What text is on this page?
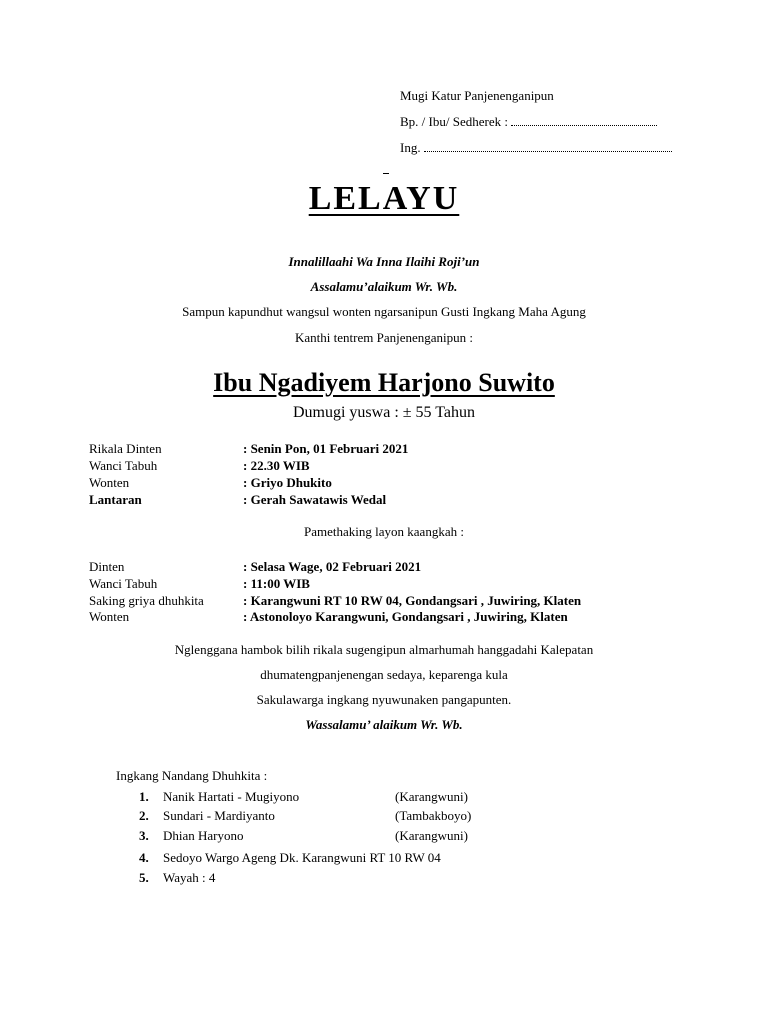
Mugi Katur Panjenenganipun
Bp. / Ibu/ Sedherek :
Ing.
LELAYU
Innalillaahi Wa Inna Ilaihi Roji’un
Assalamu’alaikum Wr. Wb.
Sampun kapundhut wangsul wonten ngarsanipun Gusti Ingkang Maha Agung
Kanthi tentrem Panjenenganipun :
Ibu Ngadiyem Harjono Suwito
Dumugi yuswa : ± 55 Tahun
Rikala Dinten	: Senin Pon, 01 Februari 2021
Wanci Tabuh	: 22.30 WIB
Wonten	: Griyo Dhukito
Lantaran	: Gerah Sawatawis Wedal
Pamethaking layon kaangkah :
Dinten	: Selasa Wage, 02 Februari 2021
Wanci Tabuh	: 11:00 WIB
Saking griya dhuhkita	: Karangwuni RT 10 RW 04, Gondangsari , Juwiring, Klaten
Wonten	: Astonoloyo Karangwuni, Gondangsari , Juwiring, Klaten
Nglenggana hambok bilih rikala sugengipun almarhumah hanggadahi Kalepatan
dhumatengpanjenengan sedaya, keparenga kula
Sakulawarga ingkang nyuwunaken pangapunten.
Wassalamu’ alaikum Wr. Wb.
Ingkang Nandang Dhuhkita :
1. Nanik Hartati - Mugiyono	(Karangwuni)
2. Sundari - Mardiyanto	(Tambakboyo)
3. Dhian Haryono	(Karangwuni)
4. Sedoyo Wargo Ageng Dk. Karangwuni RT 10 RW 04
5. Wayah : 4
